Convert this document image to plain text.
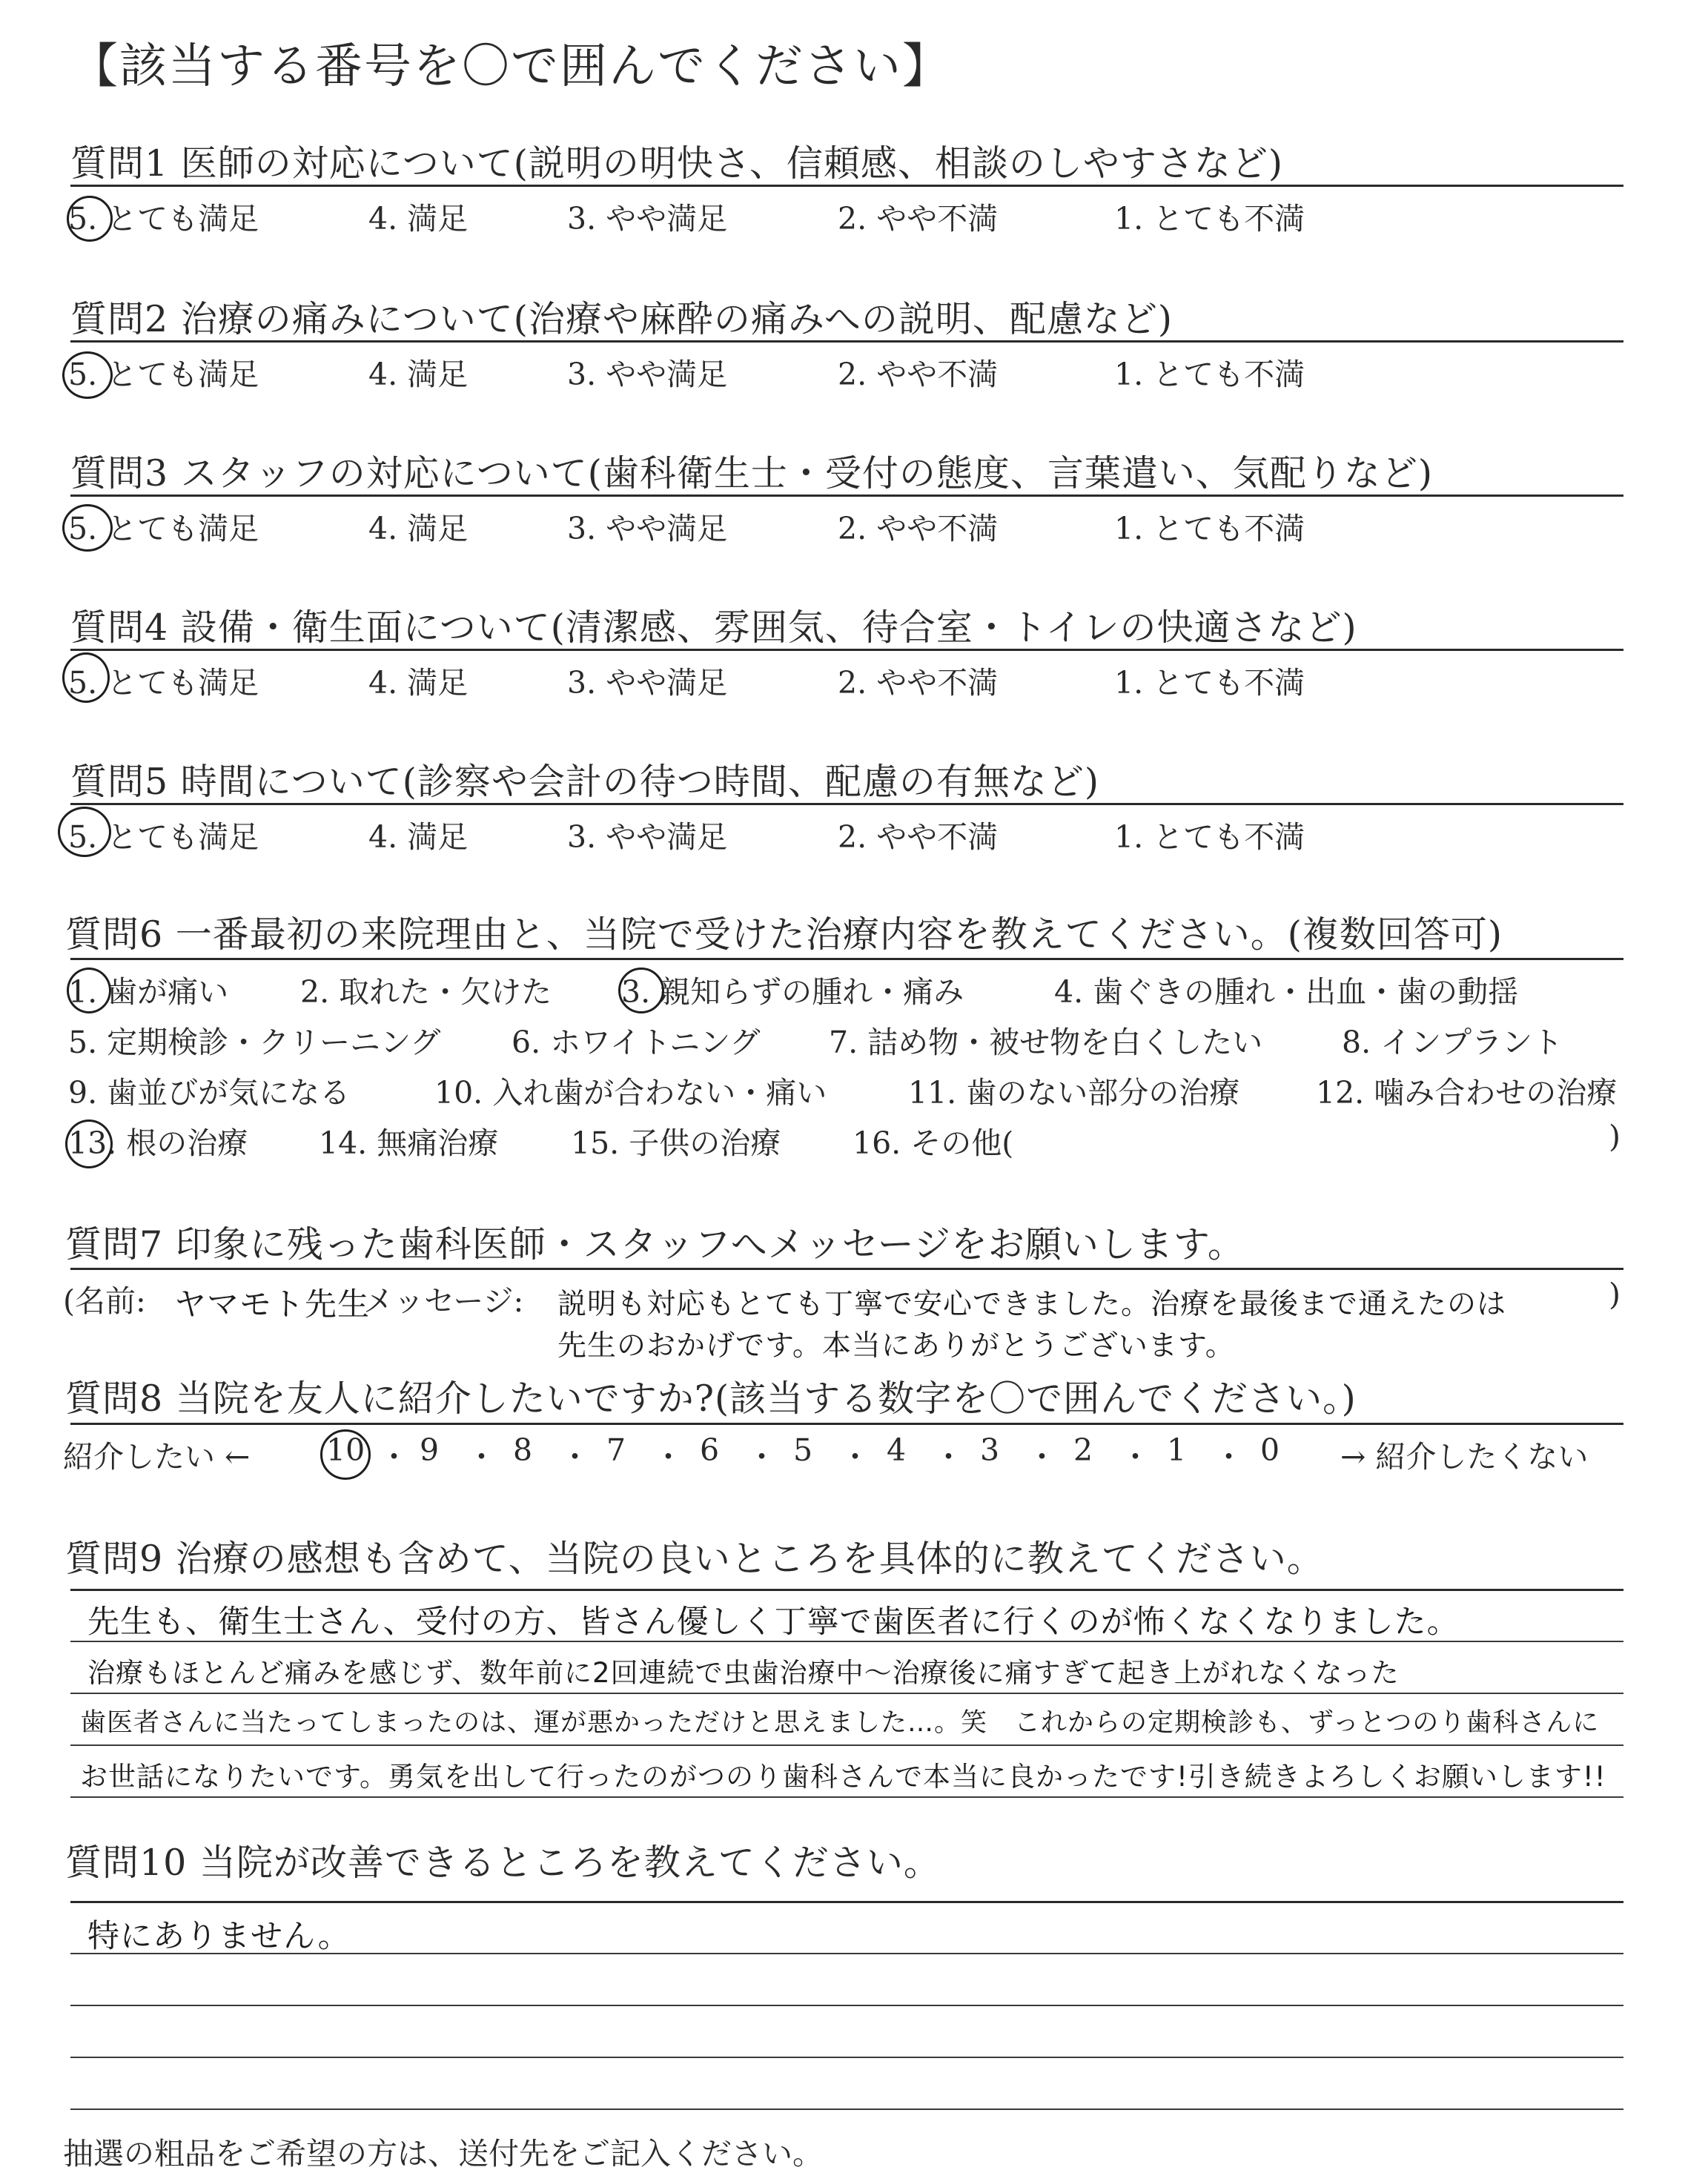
【該当する番号を〇で囲んでください】
質問1 医師の対応について(説明の明快さ、信頼感、相談のしやすさなど)
5. とても満足	4. 満足	3. やや満足	2. やや不満	1. とても不満
質問2 治療の痛みについて(治療や麻酔の痛みへの説明、配慮など)
5. とても満足	4. 満足	3. やや満足	2. やや不満	1. とても不満
質問3 スタッフの対応について(歯科衛生士・受付の態度、言葉遣い、気配りなど)
5. とても満足	4. 満足	3. やや満足	2. やや不満	1. とても不満
質問4 設備・衛生面について(清潔感、雰囲気、待合室・トイレの快適さなど)
5. とても満足	4. 満足	3. やや満足	2. やや不満	1. とても不満
質問5 時間について(診察や会計の待つ時間、配慮の有無など)
5. とても満足	4. 満足	3. やや満足	2. やや不満	1. とても不満
質問6 一番最初の来院理由と、当院で受けた治療内容を教えてください。(複数回答可)
1. 歯が痛い 2. 取れた・欠けた 3. 親知らずの腫れ・痛み	4. 歯ぐきの腫れ・出血・歯の動揺
5. 定期検診・クリーニング 6. ホワイトニング 7. 詰め物・被せ物を白くしたい	8. インプラント
9. 歯並びが気になる	10. 入れ歯が合わない・痛い	11. 歯のない部分の治療	12. 噛み合わせの治療
13. 根の治療 14. 無痛治療 15. 子供の治療 16. その他(	)
質問7 印象に残った歯科医師・スタッフへメッセージをお願いします。
(名前: ヤマモト先生
メッセージ: 説明も対応もとても丁寧で安心できました。治療を最後まで通えたのは
先生のおかげです。本当にありがとうございます。
)
質問8 当院を友人に紹介したいですか?(該当する数字を〇で囲んでください。)
紹介したい ←	10 ・ 9 ・ 8 ・ 7 ・ 6 ・ 5 ・ 4 ・ 3 ・ 2 ・ 1 ・ 0 → 紹介したくない
質問9 治療の感想も含めて、当院の良いところを具体的に教えてください。
先生も、衛生士さん、受付の方、皆さん優しく丁寧で歯医者に行くのが怖くなくなりました。
治療もほとんど痛みを感じず、数年前に2回連続で虫歯治療中〜治療後に痛すぎて起き上がれなくなった
歯医者さんに当たってしまったのは、運が悪かっただけと思えました…。笑　これからの定期検診も、ずっとつのり歯科さんに
お世話になりたいです。勇気を出して行ったのがつのり歯科さんで本当に良かったです!引き続きよろしくお願いします!!
質問10 当院が改善できるところを教えてください。
特にありません。
抽選の粗品をご希望の方は、送付先をご記入ください。
